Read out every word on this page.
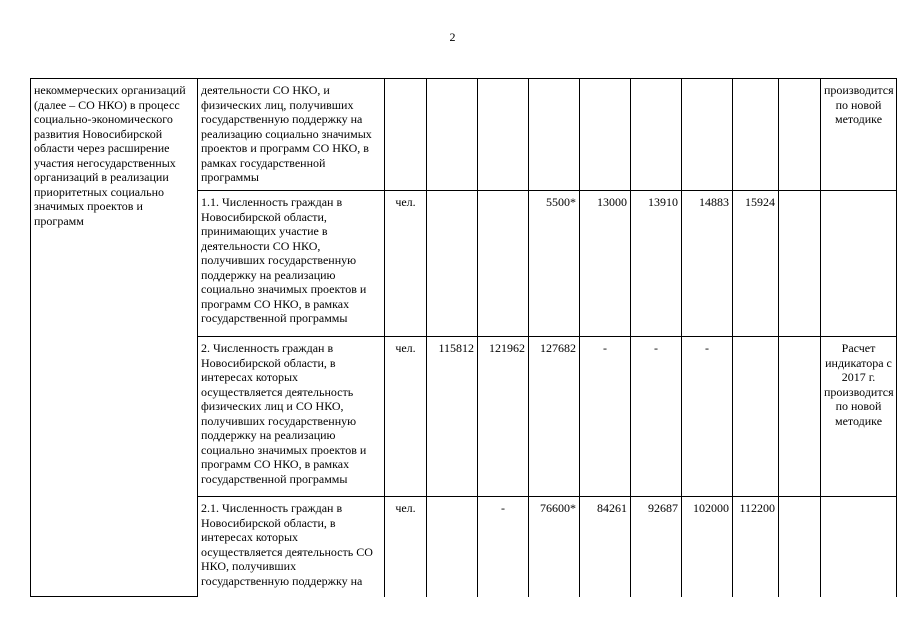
2
некоммерческих организаций (далее – СО НКО) в процесс социально-экономического развития Новосибирской области через расширение участия негосударственных организаций в реализации приоритетных социально значимых проектов и программ	деятельности СО НКО, и физических лиц, получивших государственную поддержку на реализацию социально значимых проектов и программ СО НКО, в рамках государственной программы										производится по новой методике
	1.1. Численность граждан в Новосибирской области, принимающих участие в деятельности СО НКО, получивших государственную поддержку на реализацию социально значимых проектов и программ СО НКО, в рамках государственной программы	чел.			5500*	13000	13910	14883	15924		
	2. Численность граждан в Новосибирской области, в интересах которых осуществляется деятельность физических лиц и СО НКО, получивших государственную поддержку на реализацию социально значимых проектов и программ СО НКО, в рамках государственной программы	чел.	115812	121962	127682	-	-	-			Расчет индикатора с 2017 г. производится по новой методике
	2.1. Численность граждан в Новосибирской области, в интересах которых осуществляется деятельность СО НКО, получивших государственную поддержку на	чел.		-	76600*	84261	92687	102000	112200		
